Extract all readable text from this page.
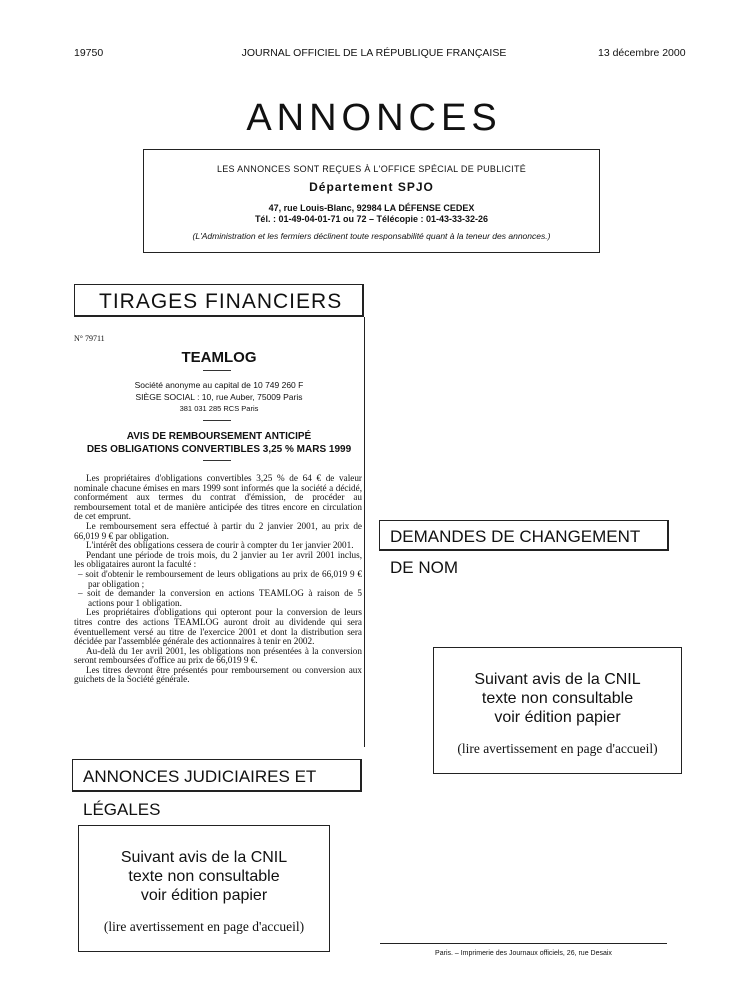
19750	JOURNAL OFFICIEL DE LA RÉPUBLIQUE FRANÇAISE	13 décembre 2000
ANNONCES
LES ANNONCES SONT REÇUES À L'OFFICE SPÉCIAL DE PUBLICITÉ
Département SPJO
47, rue Louis-Blanc, 92984 LA DÉFENSE CEDEX
Tél. : 01-49-04-01-71 ou 72 – Télécopie : 01-43-33-32-26
(L'Administration et les fermiers déclinent toute responsabilité quant à la teneur des annonces.)
TIRAGES FINANCIERS
N° 79711
TEAMLOG
Société anonyme au capital de 10 749 260 F
SIÈGE SOCIAL : 10, rue Auber, 75009 Paris
381 031 285 RCS Paris
AVIS DE REMBOURSEMENT ANTICIPÉ
DES OBLIGATIONS CONVERTIBLES 3,25 % MARS 1999

Les propriétaires d'obligations convertibles 3,25 % de 64 € de valeur nominale chacune émises en mars 1999 sont informés que la société a décidé, conformément aux termes du contrat d'émission, de procéder au remboursement total et de manière anticipée des titres encore en circulation de cet emprunt.

Le remboursement sera effectué à partir du 2 janvier 2001, au prix de 66,019 9 € par obligation.

L'intérêt des obligations cessera de courir à compter du 1er janvier 2001.

Pendant une période de trois mois, du 2 janvier au 1er avril 2001 inclus, les obligataires auront la faculté :

– soit d'obtenir le remboursement de leurs obligations au prix de 66,019 9 € par obligation ;

– soit de demander la conversion en actions TEAMLOG à raison de 5 actions pour 1 obligation.

Les propriétaires d'obligations qui opteront pour la conversion de leurs titres contre des actions TEAMLOG auront droit au dividende qui sera éventuellement versé au titre de l'exercice 2001 et dont la distribution sera décidée par l'assemblée générale des actionnaires à tenir en 2002.

Au-delà du 1er avril 2001, les obligations non présentées à la conversion seront remboursées d'office au prix de 66,019 9 €.

Les titres devront être présentés pour remboursement ou conversion aux guichets de la Société générale.

ANNONCES JUDICIAIRES ET LÉGALES
DEMANDES DE CHANGEMENT DE NOM
Suivant avis de la CNIL
texte non consultable
voir édition papier
(lire avertissement en page d'accueil)
Suivant avis de la CNIL
texte non consultable
voir édition papier
(lire avertissement en page d'accueil)
Paris. – Imprimerie des Journaux officiels, 26, rue Desaix
